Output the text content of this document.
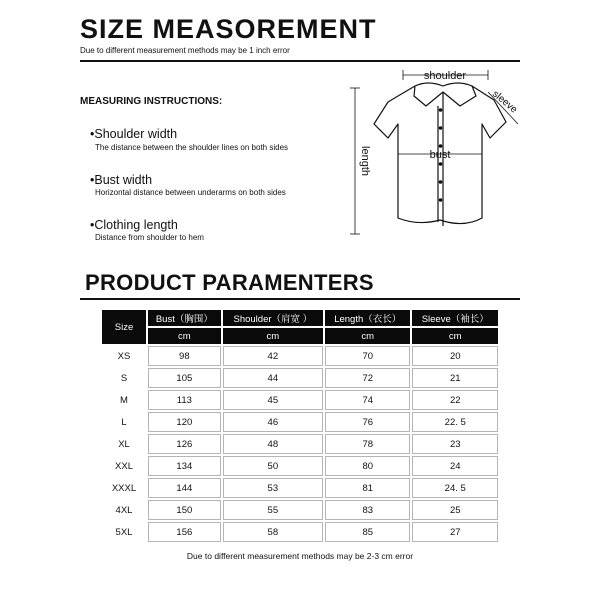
SIZE MEASOREMENT
Due to different measurement methods may be 1 inch error
MEASURING INSTRUCTIONS:
•Shoulder width
The distance between the shoulder lines on both sides
•Bust width
Horizontal distance between underarms on both sides
•Clothing length
Distance from shoulder to hem
shoulder
bust
length
sleeve
PRODUCT PARAMENTERS
Size	Bust（胸围）	Shoulder（肩宽 ）	Length（衣长）	Sleeve（袖长）
	cm	cm	cm	cm
XS	98	42	70	20
S	105	44	72	21
M	113	45	74	22
L	120	46	76	22. 5
XL	126	48	78	23
XXL	134	50	80	24
XXXL	144	53	81	24. 5
4XL	150	55	83	25
5XL	156	58	85	27
Due to different measurement methods may be 2-3 cm error
